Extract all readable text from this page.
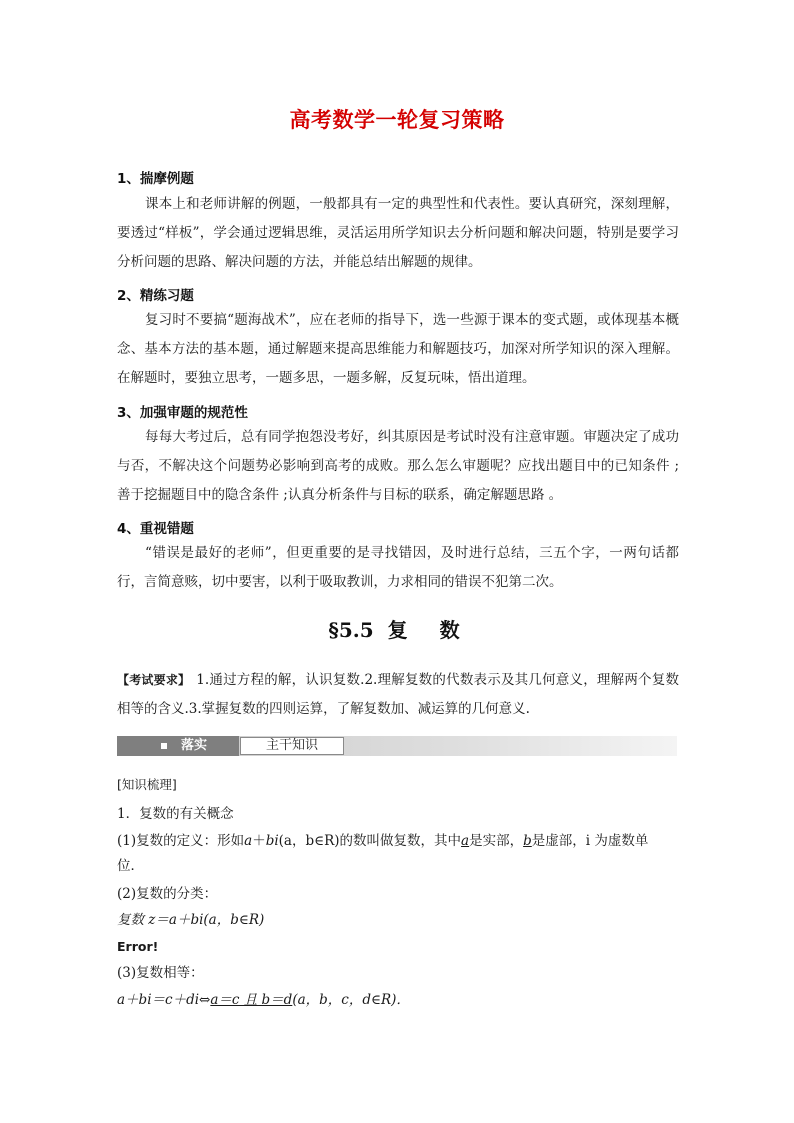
高考数学一轮复习策略
1、揣摩例题
课本上和老师讲解的例题，一般都具有一定的典型性和代表性。要认真研究，深刻理解，要透过“样板”，学会通过逻辑思维，灵活运用所学知识去分析问题和解决问题，特别是要学习分析问题的思路、解决问题的方法，并能总结出解题的规律。
2、精练习题
复习时不要搞“题海战术”，应在老师的指导下，选一些源于课本的变式题，或体现基本概念、基本方法的基本题，通过解题来提高思维能力和解题技巧，加深对所学知识的深入理解。在解题时，要独立思考，一题多思，一题多解，反复玩味，悟出道理。
3、加强审题的规范性
每每大考过后，总有同学抱怨没考好，纠其原因是考试时没有注意审题。审题决定了成功与否，不解决这个问题势必影响到高考的成败。那么怎么审题呢？应找出题目中的已知条件 ;善于挖掘题目中的隐含条件 ;认真分析条件与目标的联系，确定解题思路 。
4、重视错题
“错误是最好的老师”，但更重要的是寻找错因，及时进行总结，三五个字，一两句话都行，言简意赅，切中要害，以利于吸取教训，力求相同的错误不犯第二次。
§5.5 复　数
【考试要求】 1.通过方程的解，认识复数.2.理解复数的代数表示及其几何意义，理解两个复数相等的含义.3.掌握复数的四则运算，了解复数加、减运算的几何意义.
落实	主干知识
[知识梳理]
1．复数的有关概念
(1)复数的定义：形如a＋bi(a，b∈R)的数叫做复数，其中a是实部，b是虚部，i 为虚数单
位．
(2)复数的分类：
复数 z＝a＋bi(a，b∈R)
Error!
(3)复数相等：
a＋bi＝c＋di⇔a＝c 且 b＝d(a，b，c，d∈R)．
